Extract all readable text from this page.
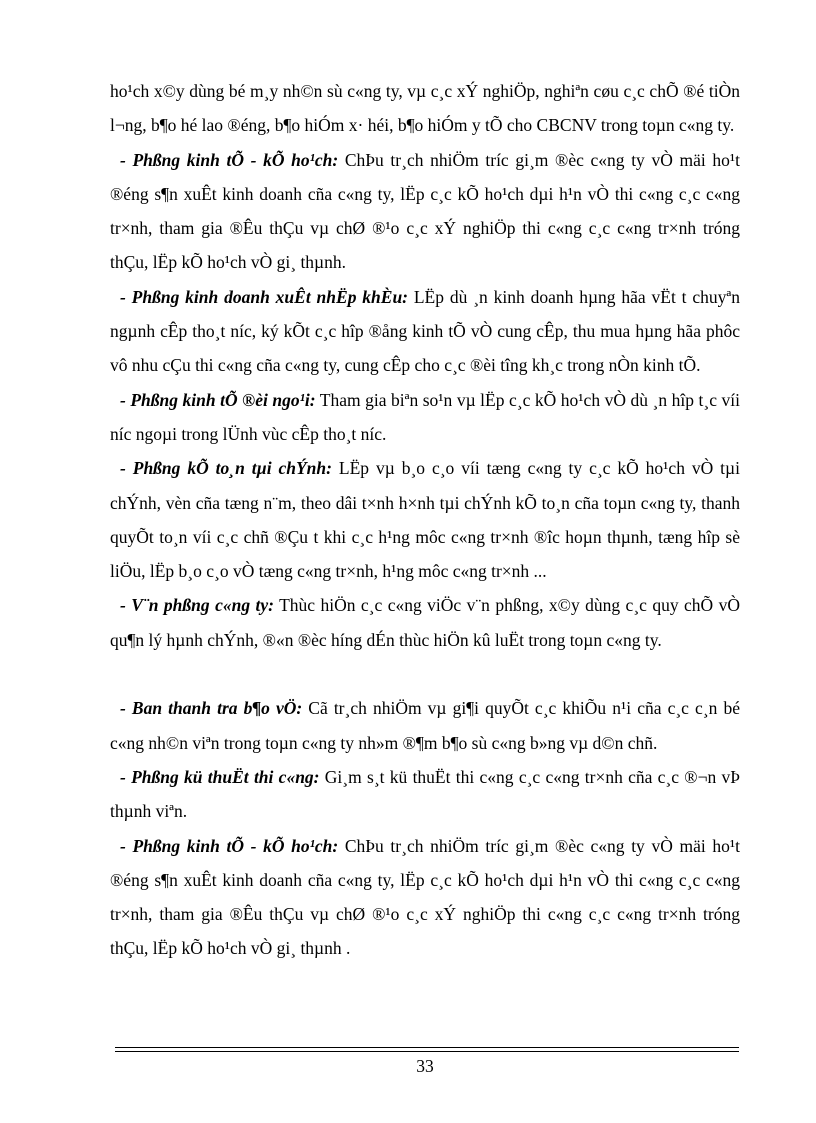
ho¹ch x©y dùng bé m¸y nh©n sù c«ng ty, vµ c¸c xÝ nghiÖp, nghiªn cøu c¸c chÕ ®é tiÒn l¬ng, b¶o hé lao ®éng, b¶o hiÓm x· héi, b¶o hiÓm y tÕ cho CBCNV trong toµn c«ng ty.

- Phßng kinh tÕ - kÕ ho¹ch: ChÞu tr¸ch nhiÖm tríc gi¸m ®èc c«ng ty vÒ mäi ho¹t ®éng s¶n xuÊt kinh doanh cña c«ng ty, lËp c¸c kÕ ho¹ch dµi h¹n vÒ thi c«ng c¸c c«ng tr×nh, tham gia ®Êu thÇu vµ chØ ®¹o c¸c xÝ nghiÖp thi c«ng c¸c c«ng tr×nh tróng thÇu, lËp kÕ ho¹ch vÒ gi¸ thµnh.

- Phßng kinh doanh xuÊt nhËp khÈu: LËp dù ¸n kinh doanh hµng hãa vËt t chuyªn ngµnh cÊp tho¸t níc, ký kÕt c¸c hîp ®ång kinh tÕ vÒ cung cÊp, thu mua hµng hãa phôc vô nhu cÇu thi c«ng cña c«ng ty, cung cÊp cho c¸c ®èi tîng kh¸c trong nÒn kinh tÕ.

- Phßng kinh tÕ ®èi ngo¹i: Tham gia biªn so¹n vµ lËp c¸c kÕ ho¹ch vÒ dù ¸n hîp t¸c víi níc ngoµi trong lÜnh vùc cÊp tho¸t níc.

- Phßng kÕ to¸n tµi chÝnh: LËp vµ b¸o c¸o víi tæng c«ng ty c¸c kÕ ho¹ch vÒ tµi chÝnh, vèn cña tæng n¨m, theo dâi t×nh h×nh tµi chÝnh kÕ to¸n cña toµn c«ng ty, thanh quyÕt to¸n víi c¸c chñ ®Çu t khi c¸c h¹ng môc c«ng tr×nh ®îc hoµn thµnh, tæng hîp sè liÖu, lËp b¸o c¸o vÒ tæng c«ng tr×nh, h¹ng môc c«ng tr×nh ...

- V¨n phßng c«ng ty: Thùc hiÖn c¸c c«ng viÖc v¨n phßng, x©y dùng c¸c quy chÕ vÒ qu¶n lý hµnh chÝnh, ®«n ®èc híng dÉn thùc hiÖn kû luËt trong toµn c«ng ty.

- Ban thanh tra b¶o vÖ: Cã tr¸ch nhiÖm vµ gi¶i quyÕt c¸c khiÕu n¹i cña c¸c c¸n bé c«ng nh©n viªn trong toµn c«ng ty nh»m ®¶m b¶o sù c«ng b»ng vµ d©n chñ.

- Phßng kü thuËt thi c«ng: Gi¸m s¸t kü thuËt thi c«ng c¸c c«ng tr×nh cña c¸c ®¬n vÞ thµnh viªn.

- Phßng kinh tÕ - kÕ ho¹ch: ChÞu tr¸ch nhiÖm tríc gi¸m ®èc c«ng ty vÒ mäi ho¹t ®éng s¶n xuÊt kinh doanh cña c«ng ty, lËp c¸c kÕ ho¹ch dµi h¹n vÒ thi c«ng c¸c c«ng tr×nh, tham gia ®Êu thÇu vµ chØ ®¹o c¸c xÝ nghiÖp thi c«ng c¸c c«ng tr×nh tróng thÇu, lËp kÕ ho¹ch vÒ gi¸ thµnh .

33
